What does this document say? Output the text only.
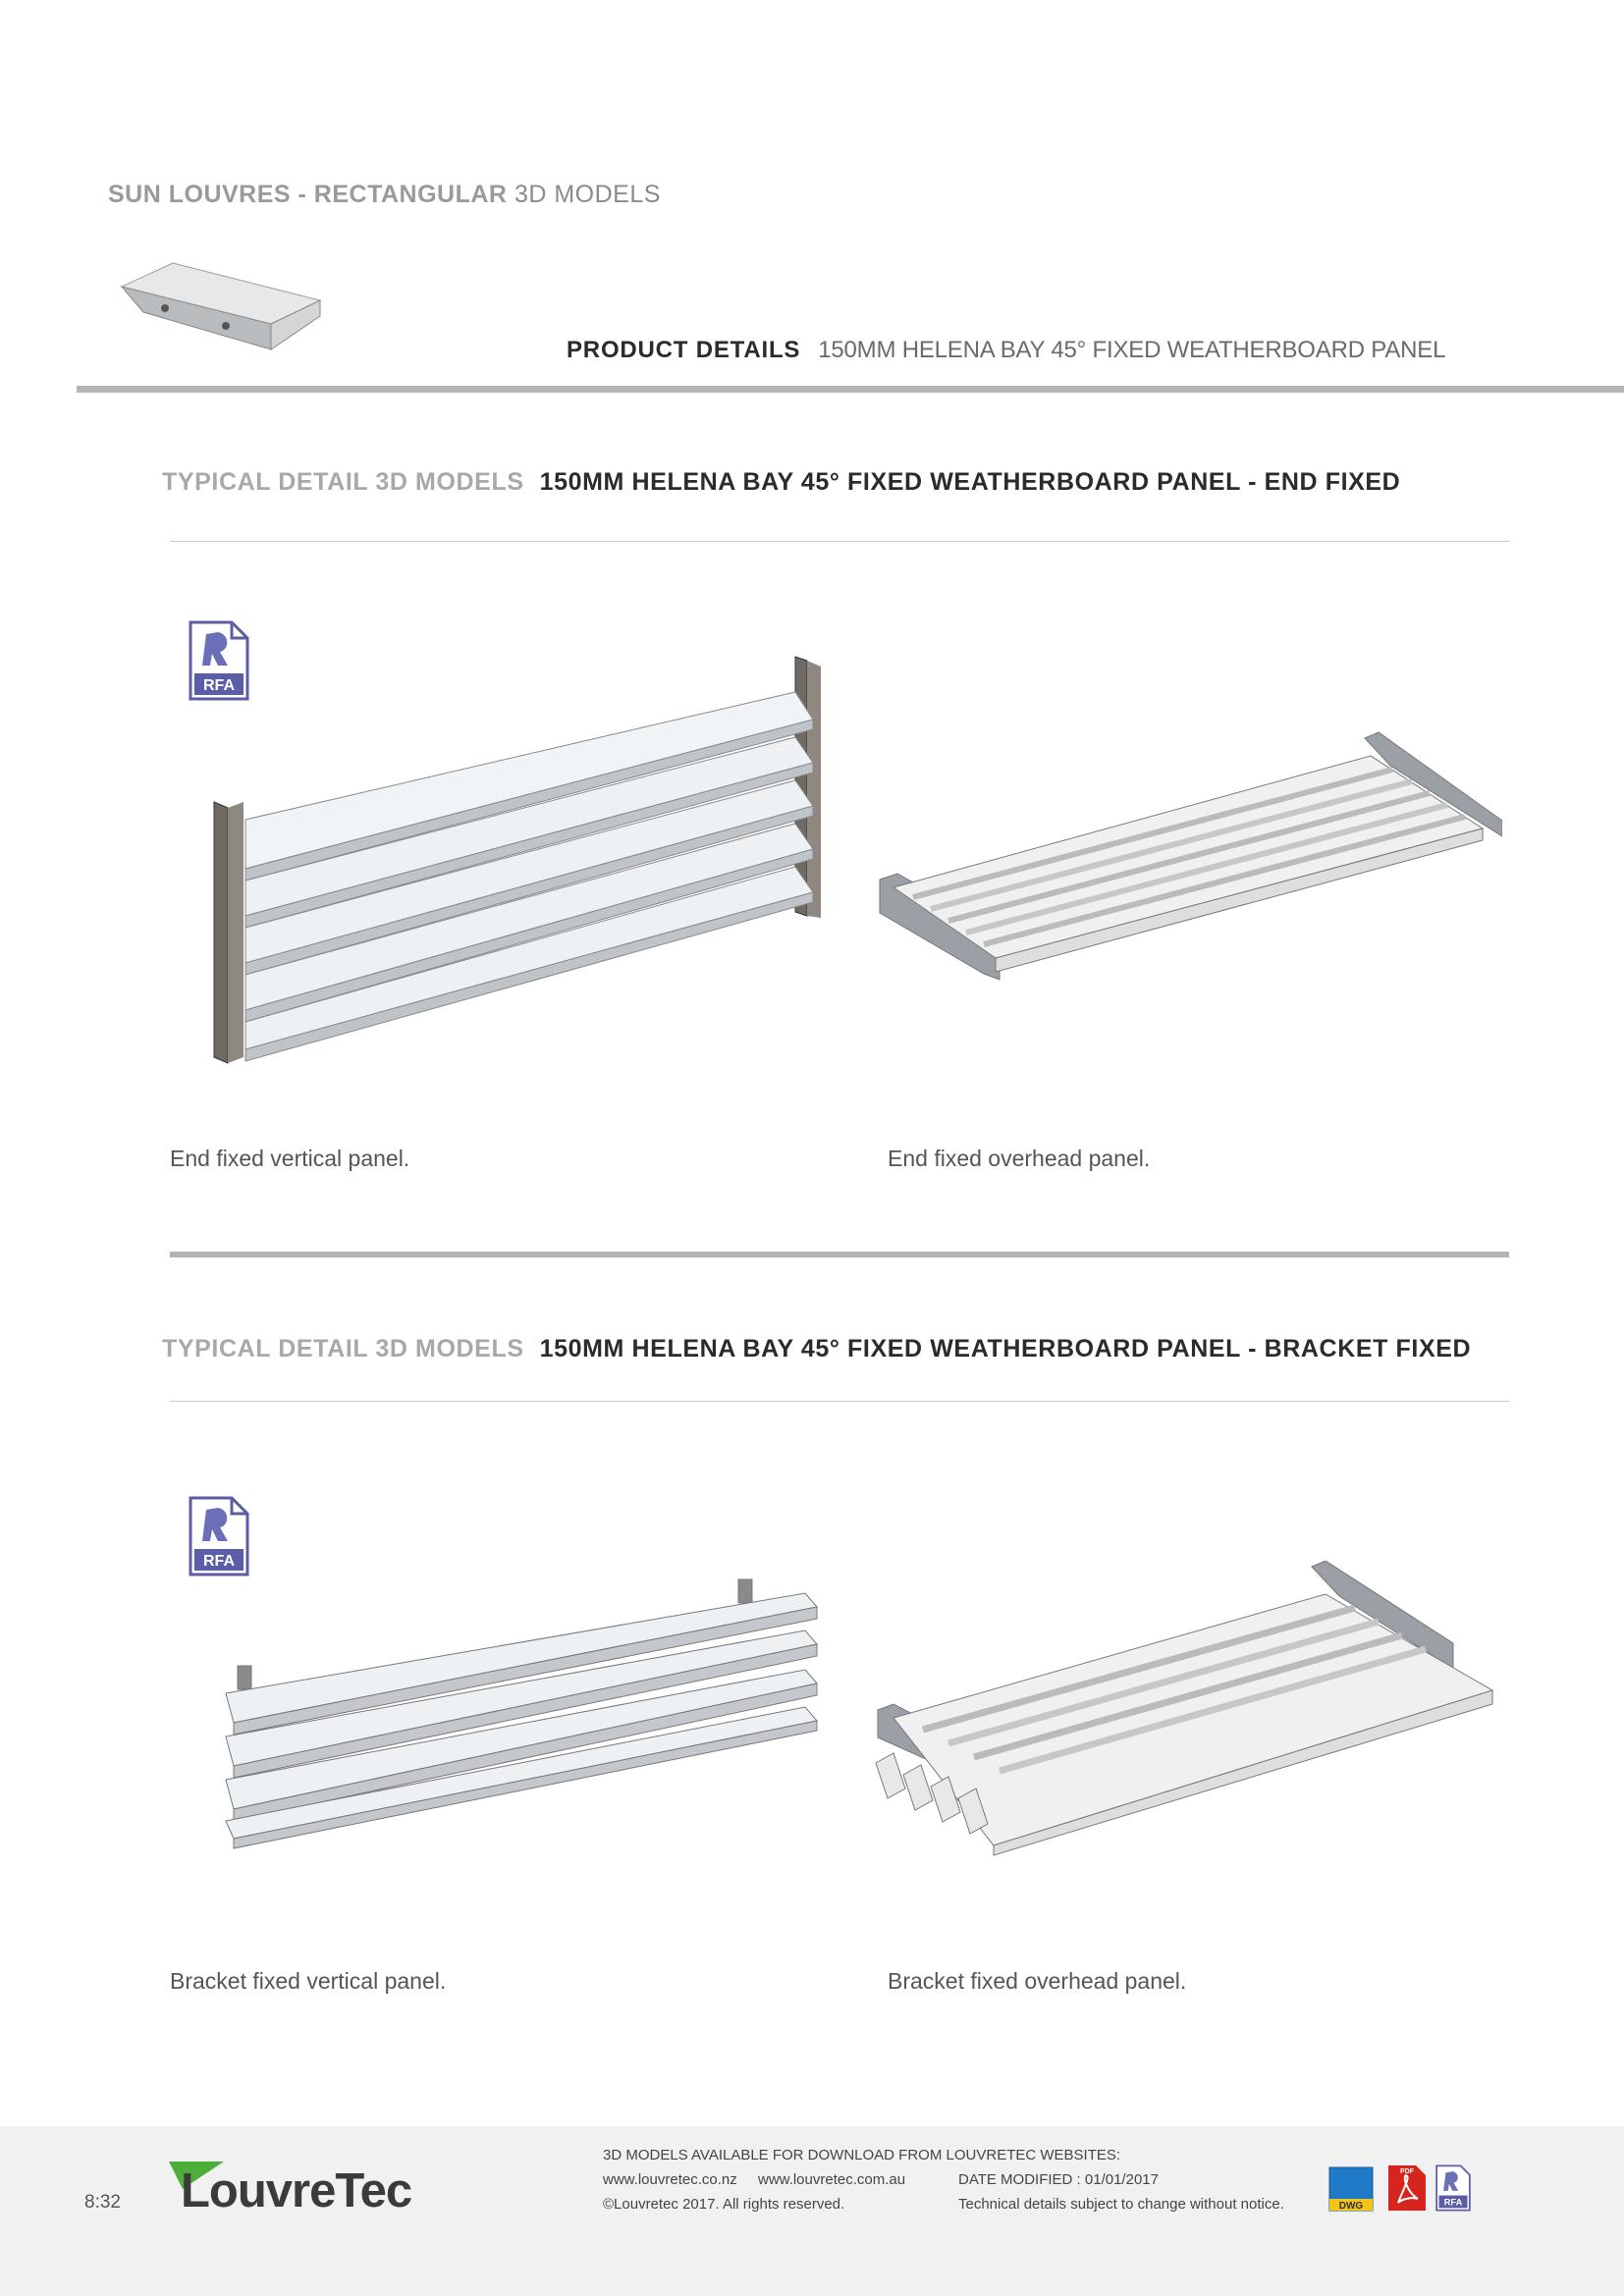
SUN LOUVRES - RECTANGULAR 3D MODELS
PRODUCT DETAILS 150MM HELENA BAY 45° FIXED WEATHERBOARD PANEL
TYPICAL DETAIL 3D MODELS 150MM HELENA BAY 45° FIXED WEATHERBOARD PANEL - END FIXED
RFA
End fixed vertical panel.	End fixed overhead panel.
TYPICAL DETAIL 3D MODELS 150MM HELENA BAY 45° FIXED WEATHERBOARD PANEL - BRACKET FIXED
RFA
Bracket fixed vertical panel.	Bracket fixed overhead panel.
8:32 LouvreTec
3D MODELS AVAILABLE FOR DOWNLOAD FROM LOUVRETEC WEBSITES:
www.louvretec.co.nz www.louvretec.com.au	DATE MODIFIED : 01/01/2017
©Louvretec 2017. All rights reserved.	Technical details subject to change without notice.	DWG
PDF
RFA
